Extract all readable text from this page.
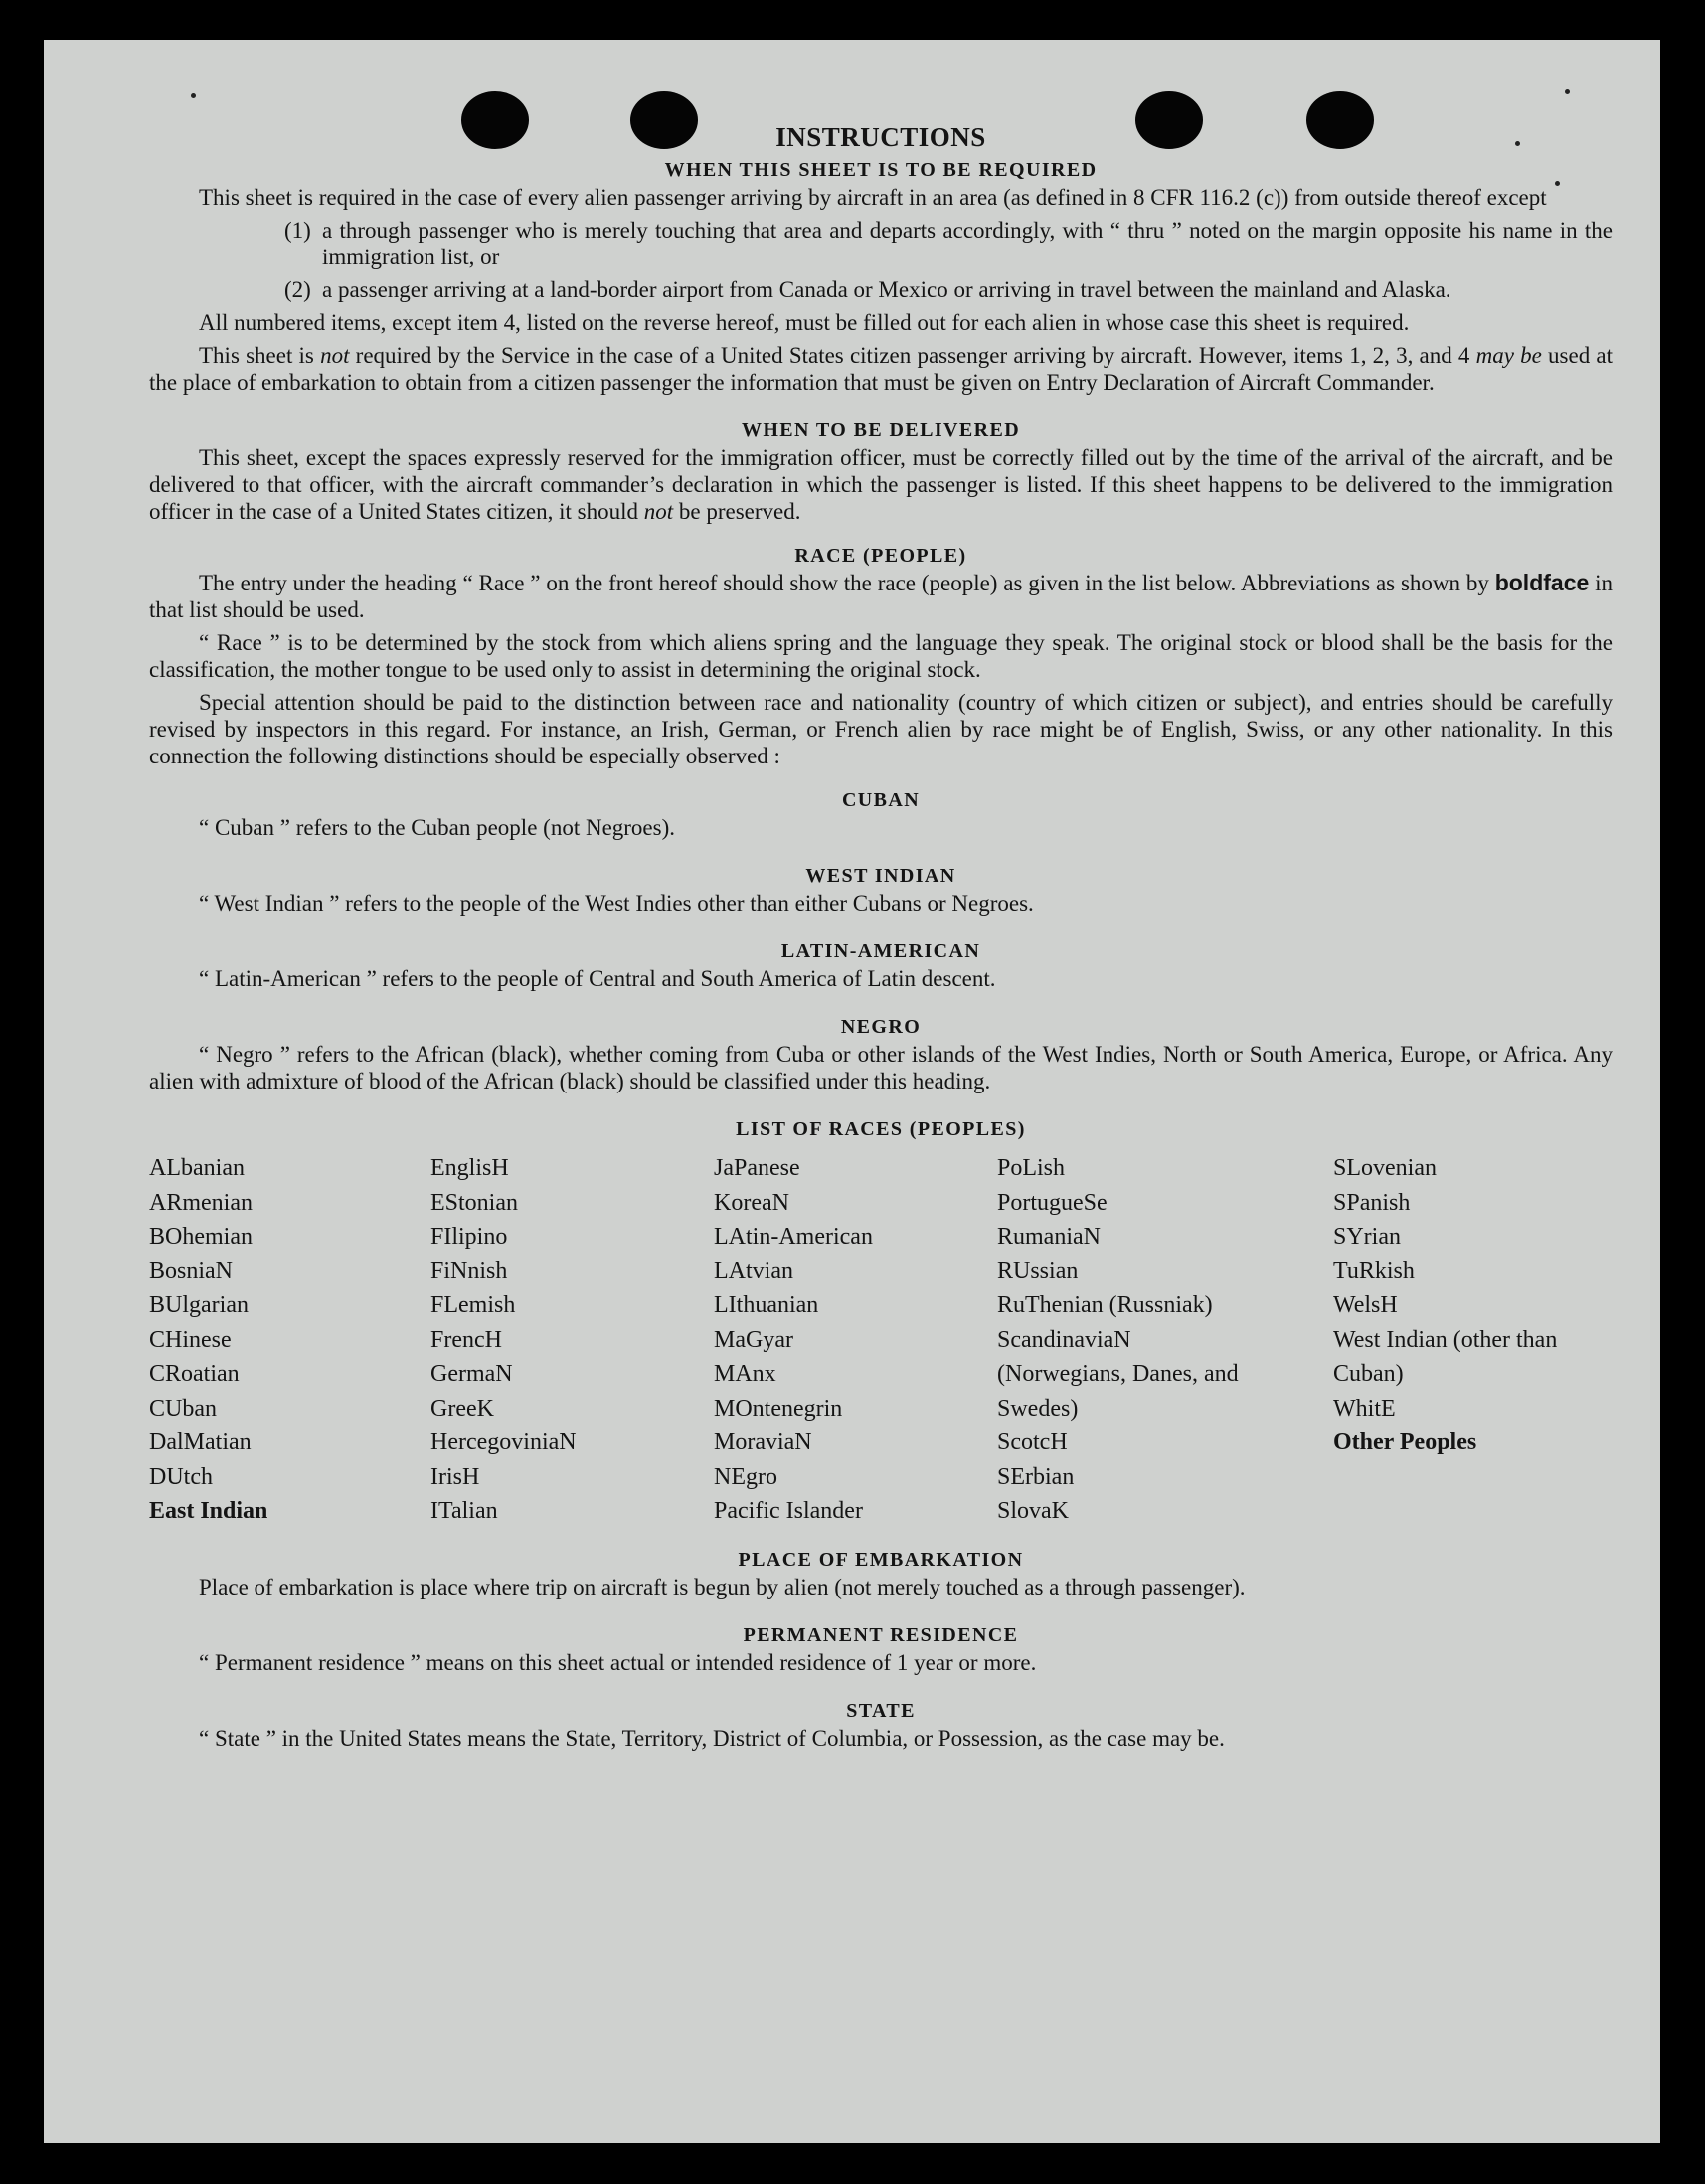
INSTRUCTIONS
WHEN THIS SHEET IS TO BE REQUIRED

This sheet is required in the case of every alien passenger arriving by aircraft in an area (as defined in 8 CFR 116.2 (c)) from outside thereof except

(1) a through passenger who is merely touching that area and departs accordingly, with “ thru ” noted on the margin opposite his name in the immigration list, or
(2) a passenger arriving at a land-border airport from Canada or Mexico or arriving in travel between the mainland and Alaska.

All numbered items, except item 4, listed on the reverse hereof, must be filled out for each alien in whose case this sheet is required.

This sheet is not required by the Service in the case of a United States citizen passenger arriving by aircraft. However, items 1, 2, 3, and 4 may be used at the place of embarkation to obtain from a citizen passenger the information that must be given on Entry Declaration of Aircraft Commander.

WHEN TO BE DELIVERED

This sheet, except the spaces expressly reserved for the immigration officer, must be correctly filled out by the time of the arrival of the aircraft, and be delivered to that officer, with the aircraft commander’s declaration in which the passenger is listed. If this sheet happens to be delivered to the immigration officer in the case of a United States citizen, it should not be preserved.

RACE (PEOPLE)

The entry under the heading “ Race ” on the front hereof should show the race (people) as given in the list below. Abbreviations as shown by boldface in that list should be used.

“ Race ” is to be determined by the stock from which aliens spring and the language they speak. The original stock or blood shall be the basis for the classification, the mother tongue to be used only to assist in determining the original stock.

Special attention should be paid to the distinction between race and nationality (country of which citizen or subject), and entries should be carefully revised by inspectors in this regard. For instance, an Irish, German, or French alien by race might be of English, Swiss, or any other nationality. In this connection the following distinctions should be especially observed :

CUBAN

“ Cuban ” refers to the Cuban people (not Negroes).

WEST INDIAN

“ West Indian ” refers to the people of the West Indies other than either Cubans or Negroes.

LATIN-AMERICAN

“ Latin-American ” refers to the people of Central and South America of Latin descent.

NEGRO

“ Negro ” refers to the African (black), whether coming from Cuba or other islands of the West Indies, North or South America, Europe, or Africa. Any alien with admixture of blood of the African (black) should be classified under this heading.

LIST OF RACES (PEOPLES)
ALbanian
ARmenian
BOhemian
BosniaN
BUlgarian
CHinese
CRoatian
CUban
DalMatian
DUtch
East Indian
EnglisH
EStonian
FIlipino
FiNnish
FLemish
FrencH
GermaN
GreeK
HercegoviniaN
IrisH
ITalian
JaPanese
KoreaN
LAtin-American
LAtvian
LIthuanian
MaGyar
MAnx
MOntenegrin
MoraviaN
NEgro
Pacific Islander
PoLish
PortugueSe
RumaniaN
RUssian
RuThenian (Russniak)
ScandinaviaN (Norwegians, Danes, and Swedes)
ScotcH
SErbian
SlovaK
SLovenian
SPanish
SYrian
TuRkish
WelsH
West Indian (other than Cuban)
WhitE
Other Peoples
PLACE OF EMBARKATION

Place of embarkation is place where trip on aircraft is begun by alien (not merely touched as a through passenger).

PERMANENT RESIDENCE

“ Permanent residence ” means on this sheet actual or intended residence of 1 year or more.

STATE

“ State ” in the United States means the State, Territory, District of Columbia, or Possession, as the case may be.
